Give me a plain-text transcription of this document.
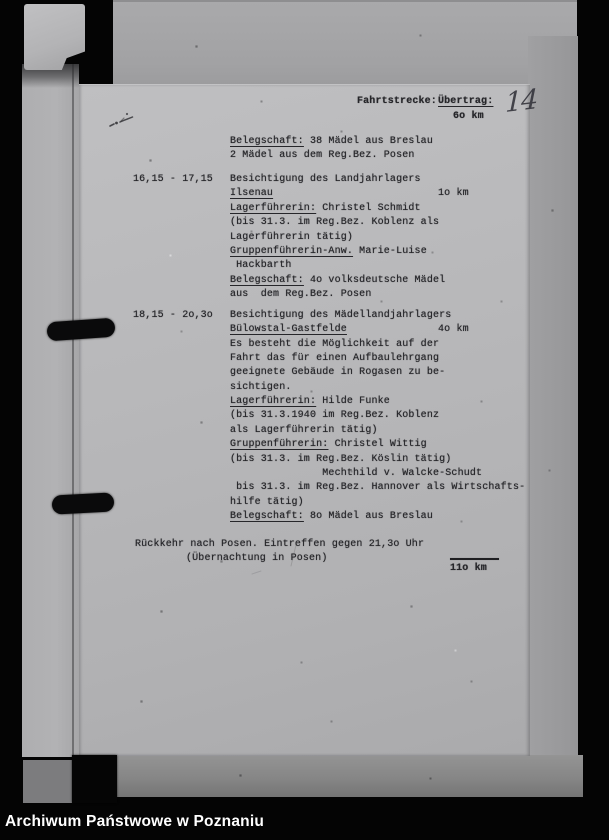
Fahrtstrecke: Übertrag:
6o km 14
Belegschaft: 38 Mädel aus Breslau
2 Mädel aus dem Reg.Bez. Posen
16,15 - 17,15 Besichtigung des Landjahrlagers
Ilsenau
Lagerführerin: Christel Schmidt
(bis 31.3. im Reg.Bez. Koblenz als
Lagerführerin tätig)
Gruppenführerin-Anw. Marie-Luise
Hackbarth
Belegschaft: 4o volksdeutsche Mädel
aus  dem Reg.Bez. Posen
1o km
18,15 - 2o,3o Besichtigung des Mädellandjahrlagers
Bülowstal-Gastfelde
Es besteht die Möglichkeit auf der
Fahrt das für einen Aufbaulehrgang
geeignete Gebäude in Rogasen zu be-
sichtigen.
Lagerführerin: Hilde Funke
(bis 31.3.1940 im Reg.Bez. Koblenz
als Lagerführerin tätig)
Gruppenführerin: Christel Wittig
(bis 31.3. im Reg.Bez. Köslin tätig)
Mechthild v. Walcke-Schudt
bis 31.3. im Reg.Bez. Hannover als Wirtschafts-
hilfe tätig)
Belegschaft: 8o Mädel aus Breslau
4o km
Rückkehr nach Posen. Eintreffen gegen 21,3o Uhr
(Übernachtung in Posen)
11o km
Archiwum Państwowe w Poznaniu
